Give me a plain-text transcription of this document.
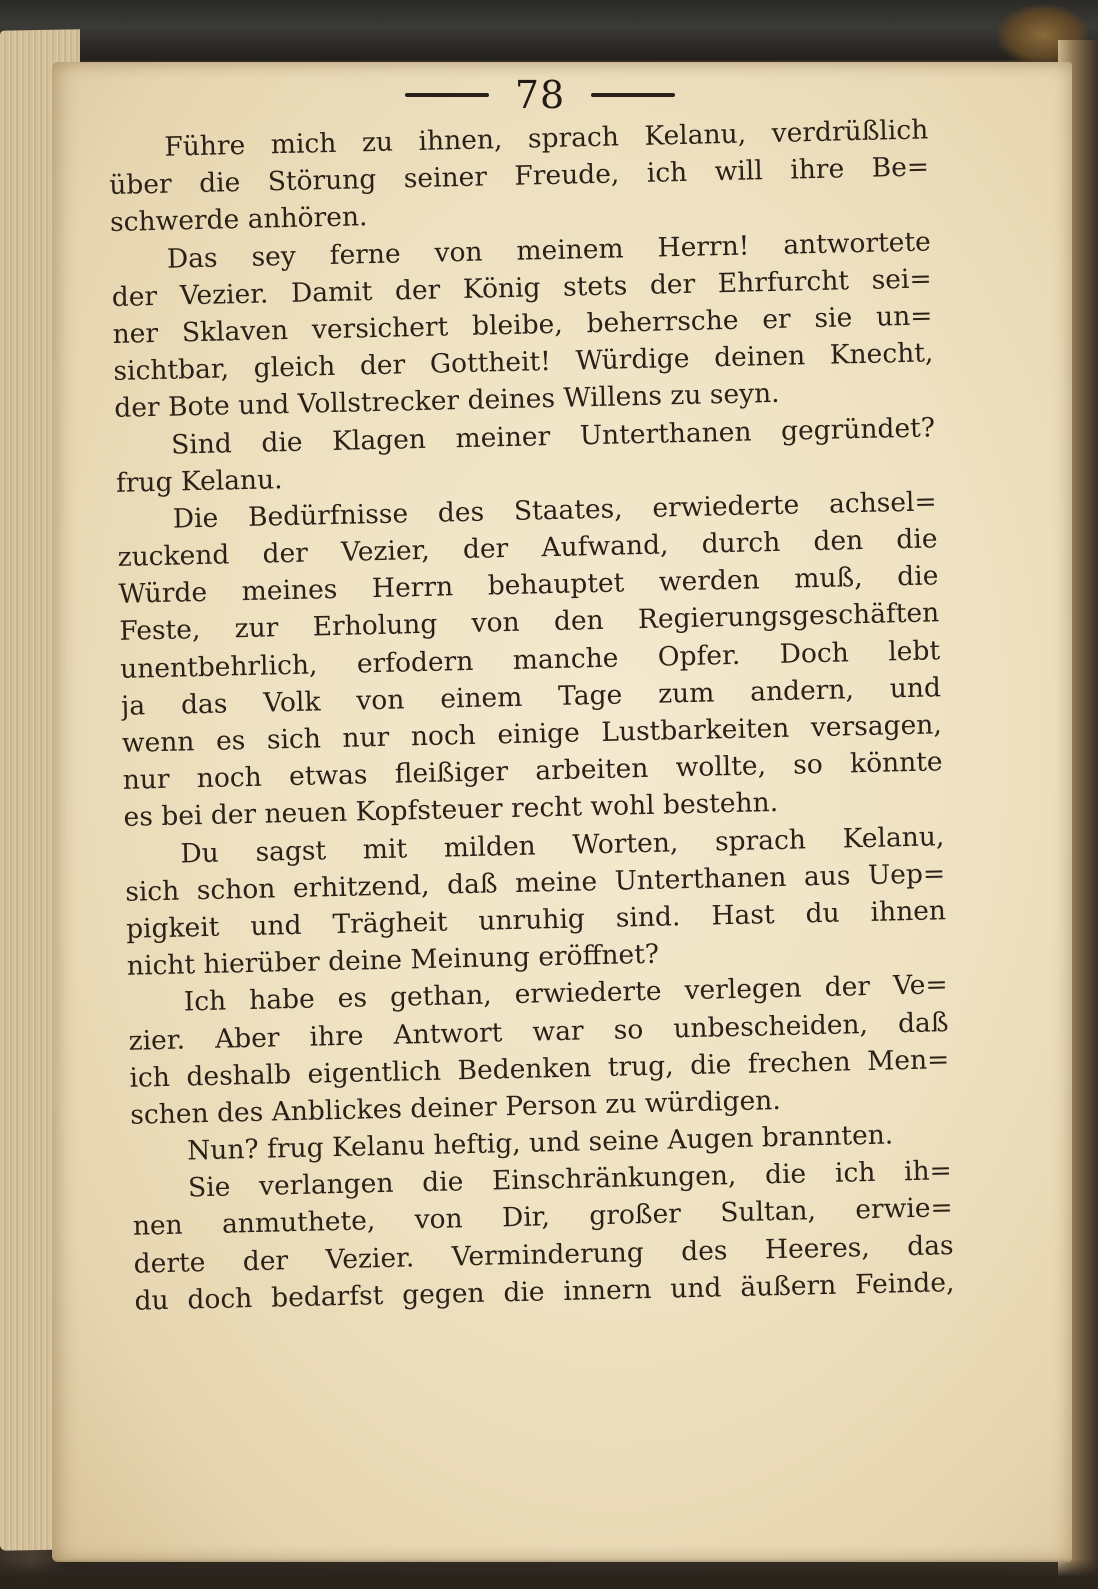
78
Führe mich zu ihnen, sprach Kelanu, verdrüßlich
über die Störung seiner Freude, ich will ihre Be=
schwerde anhören.
Das sey ferne von meinem Herrn! antwortete
der Vezier. Damit der König stets der Ehrfurcht sei=
ner Sklaven versichert bleibe, beherrsche er sie un=
sichtbar, gleich der Gottheit! Würdige deinen Knecht,
der Bote und Vollstrecker deines Willens zu seyn.
Sind die Klagen meiner Unterthanen gegründet?
frug Kelanu.
Die Bedürfnisse des Staates, erwiederte achsel=
zuckend der Vezier, der Aufwand, durch den die
Würde meines Herrn behauptet werden muß, die
Feste, zur Erholung von den Regierungsgeschäften
unentbehrlich, erfodern manche Opfer. Doch lebt
ja das Volk von einem Tage zum andern, und
wenn es sich nur noch einige Lustbarkeiten versagen,
nur noch etwas fleißiger arbeiten wollte, so könnte
es bei der neuen Kopfsteuer recht wohl bestehn.
Du sagst mit milden Worten, sprach Kelanu,
sich schon erhitzend, daß meine Unterthanen aus Uep=
pigkeit und Trägheit unruhig sind. Hast du ihnen
nicht hierüber deine Meinung eröffnet?
Ich habe es gethan, erwiederte verlegen der Ve=
zier. Aber ihre Antwort war so unbescheiden, daß
ich deshalb eigentlich Bedenken trug, die frechen Men=
schen des Anblickes deiner Person zu würdigen.
Nun? frug Kelanu heftig, und seine Augen brannten.
Sie verlangen die Einschränkungen, die ich ih=
nen anmuthete, von Dir, großer Sultan, erwie=
derte der Vezier. Verminderung des Heeres, das
du doch bedarfst gegen die innern und äußern Feinde,
